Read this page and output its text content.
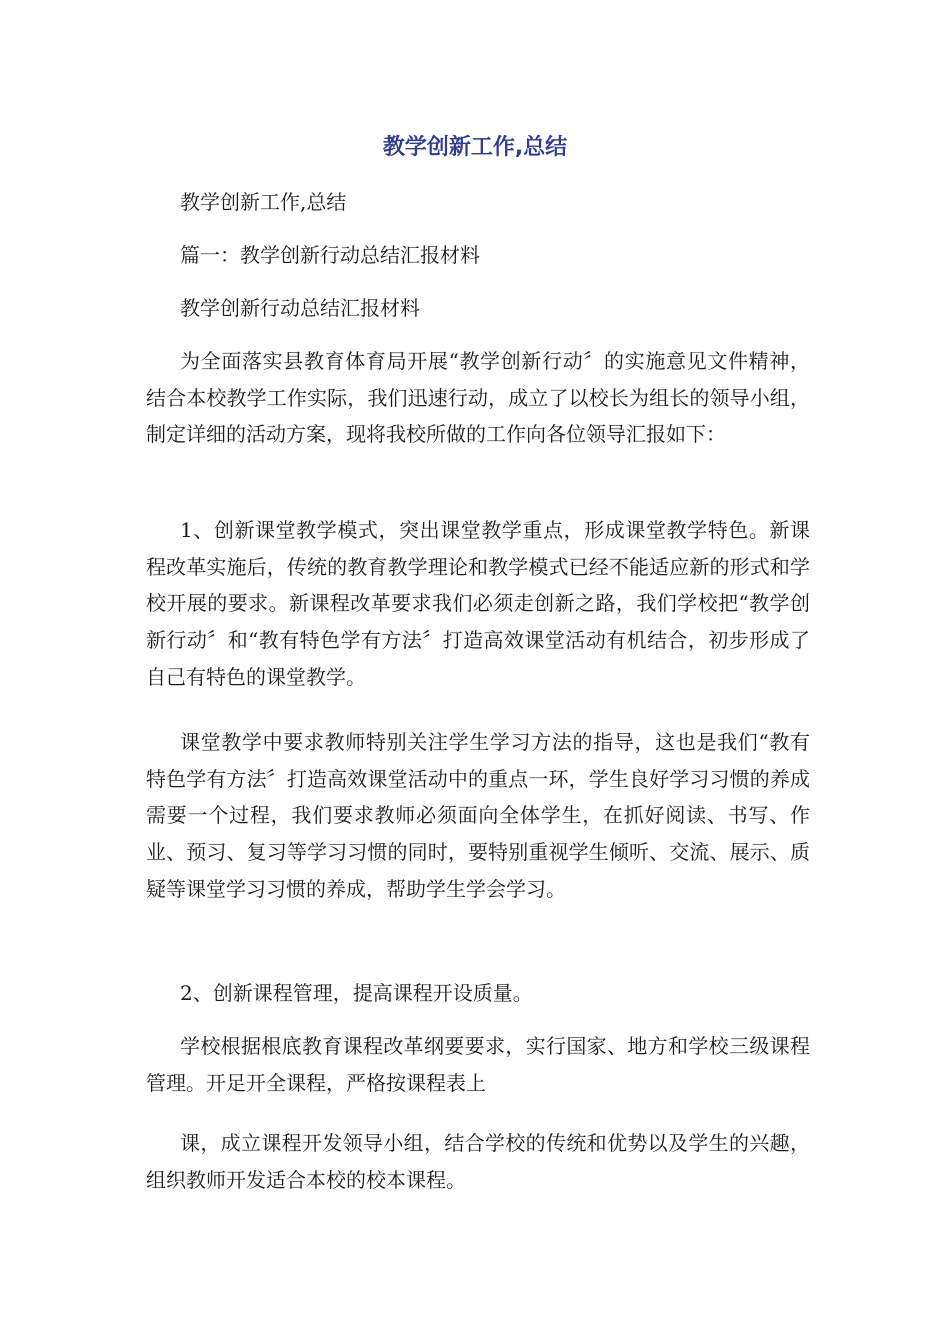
教学创新工作,总结

教学创新工作,总结

篇一：教学创新行动总结汇报材料

教学创新行动总结汇报材料

为全面落实县教育体育局开展“教学创新行动〞的实施意见文件精神，结合本校教学工作实际，我们迅速行动，成立了以校长为组长的领导小组，制定详细的活动方案，现将我校所做的工作向各位领导汇报如下：

1、创新课堂教学模式，突出课堂教学重点，形成课堂教学特色。新课程改革实施后，传统的教育教学理论和教学模式已经不能适应新的形式和学校开展的要求。新课程改革要求我们必须走创新之路，我们学校把“教学创新行动〞和“教有特色学有方法〞打造高效课堂活动有机结合，初步形成了自己有特色的课堂教学。

课堂教学中要求教师特别关注学生学习方法的指导，这也是我们“教有特色学有方法〞打造高效课堂活动中的重点一环，学生良好学习习惯的养成需要一个过程，我们要求教师必须面向全体学生，在抓好阅读、书写、作业、预习、复习等学习习惯的同时，要特别重视学生倾听、交流、展示、质疑等课堂学习习惯的养成，帮助学生学会学习。

2、创新课程管理，提高课程开设质量。

学校根据根底教育课程改革纲要要求，实行国家、地方和学校三级课程管理。开足开全课程，严格按课程表上

课，成立课程开发领导小组，结合学校的传统和优势以及学生的兴趣，组织教师开发适合本校的校本课程。
